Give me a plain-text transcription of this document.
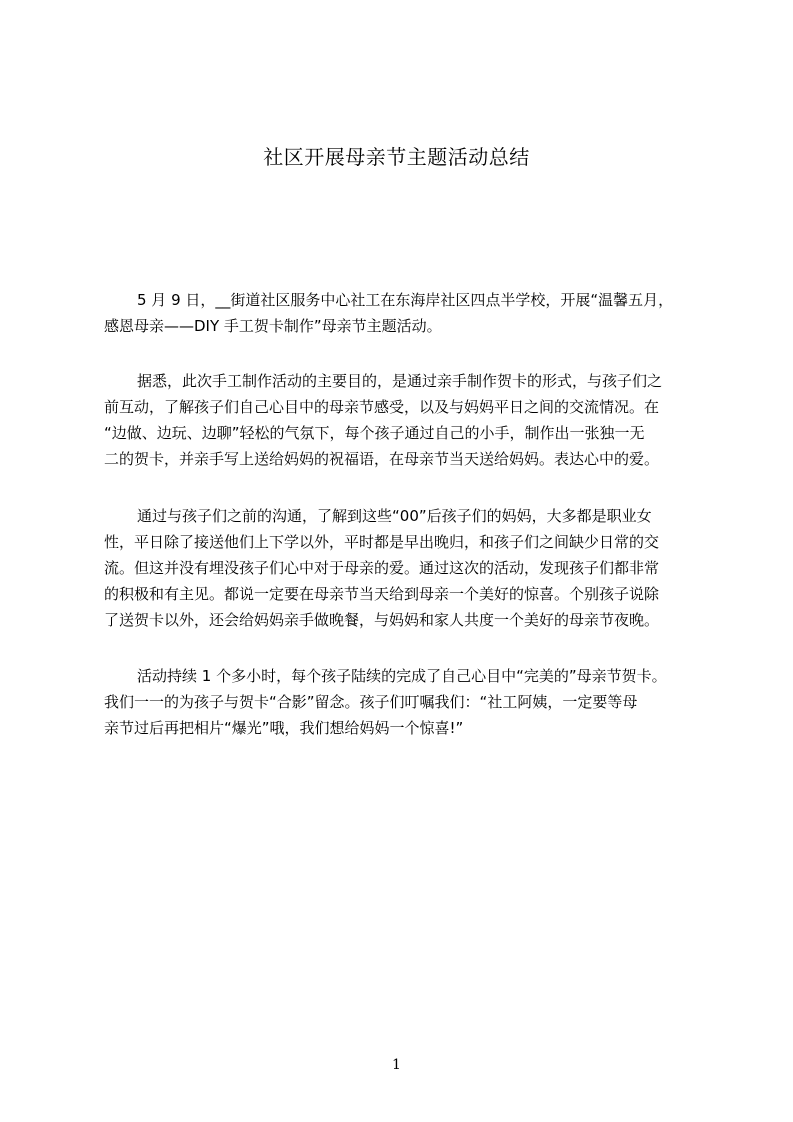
社区开展母亲节主题活动总结
5 月 9 日，__街道社区服务中心社工在东海岸社区四点半学校，开展“温馨五月，
感恩母亲——DIY 手工贺卡制作”母亲节主题活动。
据悉，此次手工制作活动的主要目的，是通过亲手制作贺卡的形式，与孩子们之
前互动，了解孩子们自己心目中的母亲节感受，以及与妈妈平日之间的交流情况。在
“边做、边玩、边聊”轻松的气氛下，每个孩子通过自己的小手，制作出一张独一无
二的贺卡，并亲手写上送给妈妈的祝福语，在母亲节当天送给妈妈。表达心中的爱。
通过与孩子们之前的沟通，了解到这些“00”后孩子们的妈妈，大多都是职业女
性，平日除了接送他们上下学以外，平时都是早出晚归，和孩子们之间缺少日常的交
流。但这并没有埋没孩子们心中对于母亲的爱。通过这次的活动，发现孩子们都非常
的积极和有主见。都说一定要在母亲节当天给到母亲一个美好的惊喜。个别孩子说除
了送贺卡以外，还会给妈妈亲手做晚餐，与妈妈和家人共度一个美好的母亲节夜晚。
活动持续 1 个多小时，每个孩子陆续的完成了自己心目中“完美的”母亲节贺卡。
我们一一的为孩子与贺卡“合影”留念。孩子们叮嘱我们：“社工阿姨，一定要等母
亲节过后再把相片“爆光”哦，我们想给妈妈一个惊喜!”
1
